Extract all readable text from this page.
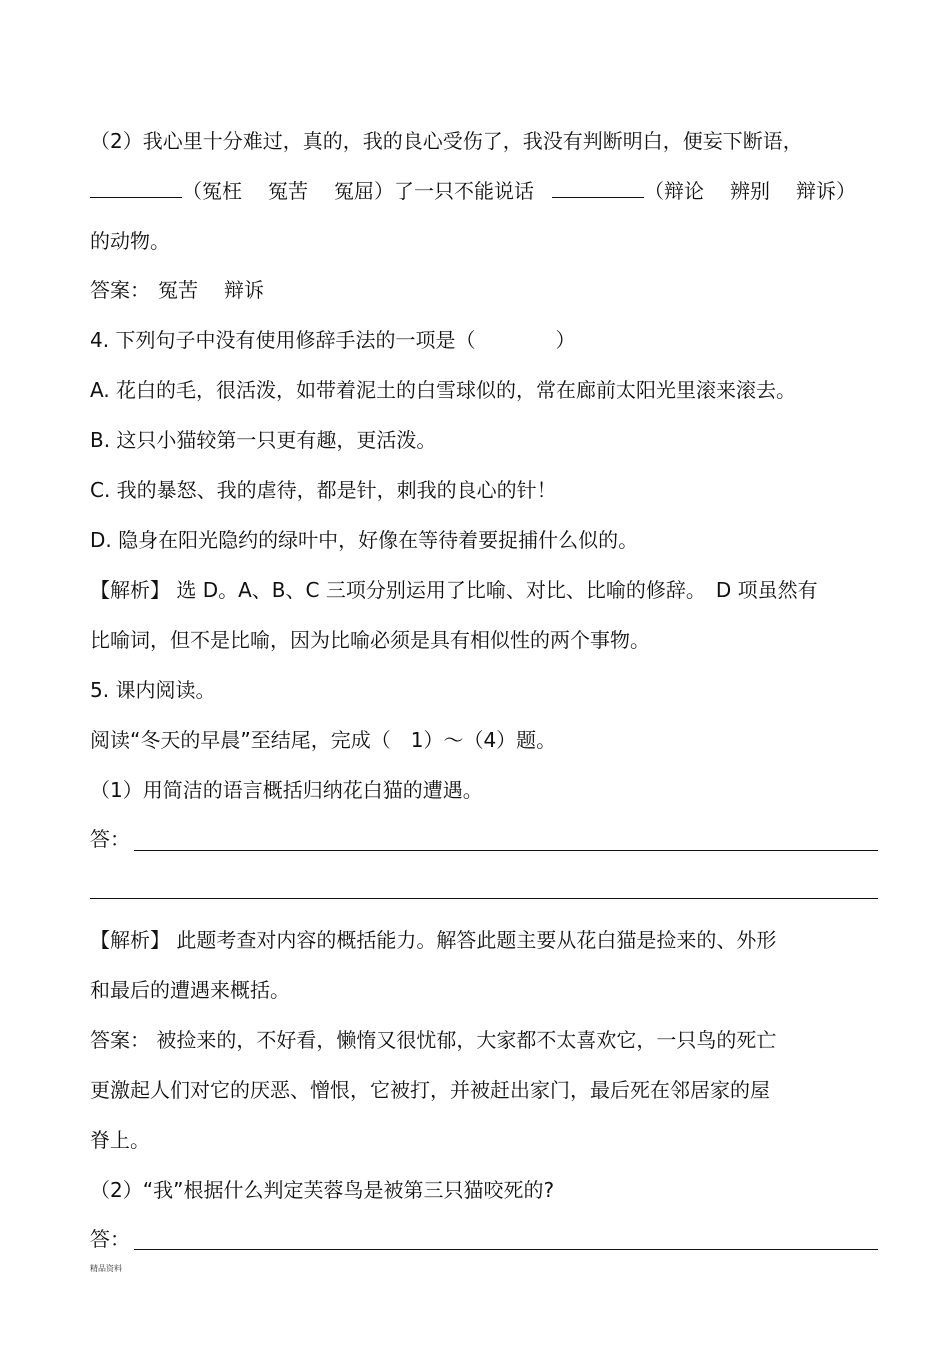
（2）我心里十分难过，真的，我的良心受伤了，我没有判断明白，便妄下断语，
（冤枉 冤苦 冤屈）了一只不能说话	（辩论 辨别 辩诉）
的动物。
答案： 冤苦 辩诉
4. 下列句子中没有使用修辞手法的一项是（　　　　）
A. 花白的毛，很活泼，如带着泥土的白雪球似的，常在廊前太阳光里滚来滚去。
B. 这只小猫较第一只更有趣，更活泼。
C. 我的暴怒、我的虐待，都是针，刺我的良心的针！
D. 隐身在阳光隐约的绿叶中，好像在等待着要捉捕什么似的。
【解析】 选 D。A、B、C 三项分别运用了比喻、对比、比喻的修辞。　D 项虽然有
比喻词，但不是比喻，因为比喻必须是具有相似性的两个事物。
5. 课内阅读。
阅读“冬天的早晨”至结尾，完成（　1）～（4）题。
（1）用简洁的语言概括归纳花白猫的遭遇。
答：
【解析】 此题考查对内容的概括能力。解答此题主要从花白猫是捡来的、外形
和最后的遭遇来概括。
答案： 被捡来的，不好看，懒惰又很忧郁，大家都不太喜欢它，一只鸟的死亡
更激起人们对它的厌恶、憎恨，它被打，并被赶出家门，最后死在邻居家的屋
脊上。
（2）“我”根据什么判定芙蓉鸟是被第三只猫咬死的?
答：
精品资料
